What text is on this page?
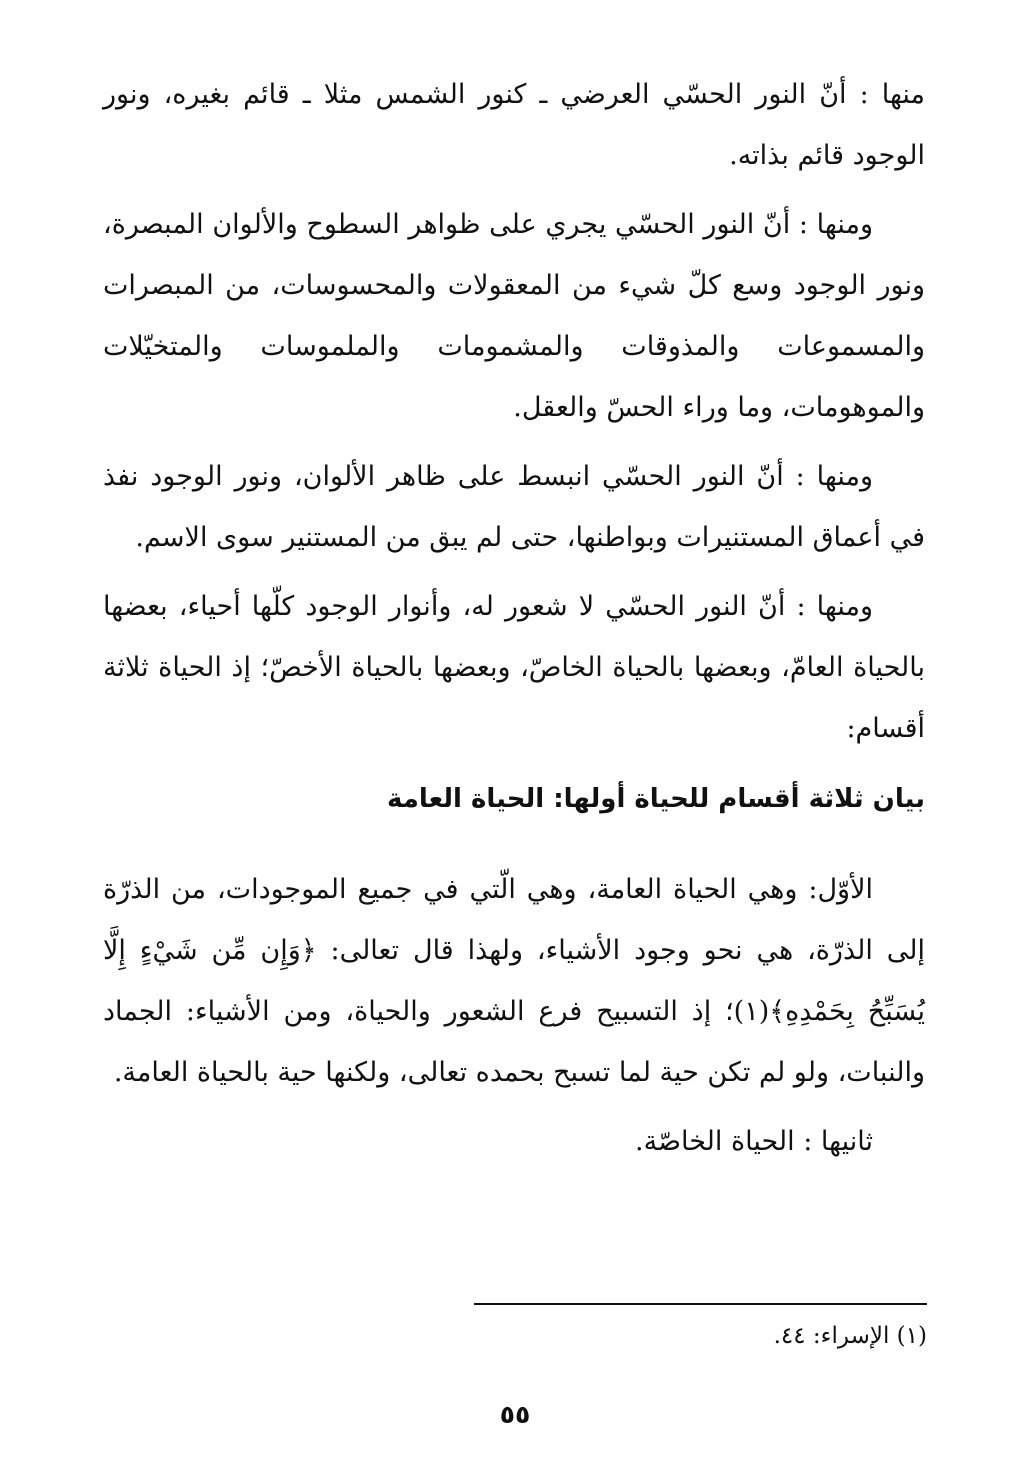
منها : أنّ النور الحسّي العرضي ـ كنور الشمس مثلا ـ قائم بغيره، ونور الوجود قائم بذاته.

ومنها : أنّ النور الحسّي يجري على ظواهر السطوح والألوان المبصرة، ونور الوجود وسع كلّ شيء من المعقولات والمحسوسات، من المبصرات والمسموعات والمذوقات والمشمومات والملموسات والمتخيّلات والموهومات، وما وراء الحسّ والعقل.

ومنها : أنّ النور الحسّي انبسط على ظاهر الألوان، ونور الوجود نفذ في أعماق المستنيرات وبواطنها، حتى لم يبق من المستنير سوى الاسم.

ومنها : أنّ النور الحسّي لا شعور له، وأنوار الوجود كلّها أحياء، بعضها بالحياة العامّ، وبعضها بالحياة الخاصّ، وبعضها بالحياة الأخصّ؛ إذ الحياة ثلاثة أقسام:

بيان ثلاثة أقسام للحياة أولها: الحياة العامة

الأوّل: وهي الحياة العامة، وهي الّتي في جميع الموجودات، من الذرّة إلى الذرّة، هي نحو وجود الأشياء، ولهذا قال تعالى: ﴿وَإِن مِّن شَيْءٍ إِلَّا يُسَبِّحُ بِحَمْدِهِ﴾(١)؛ إذ التسبيح فرع الشعور والحياة، ومن الأشياء: الجماد والنبات، ولو لم تكن حية لما تسبح بحمده تعالى، ولكنها حية بالحياة العامة.

ثانيها : الحياة الخاصّة.

(١) الإسراء: ٤٤.
٥٥
